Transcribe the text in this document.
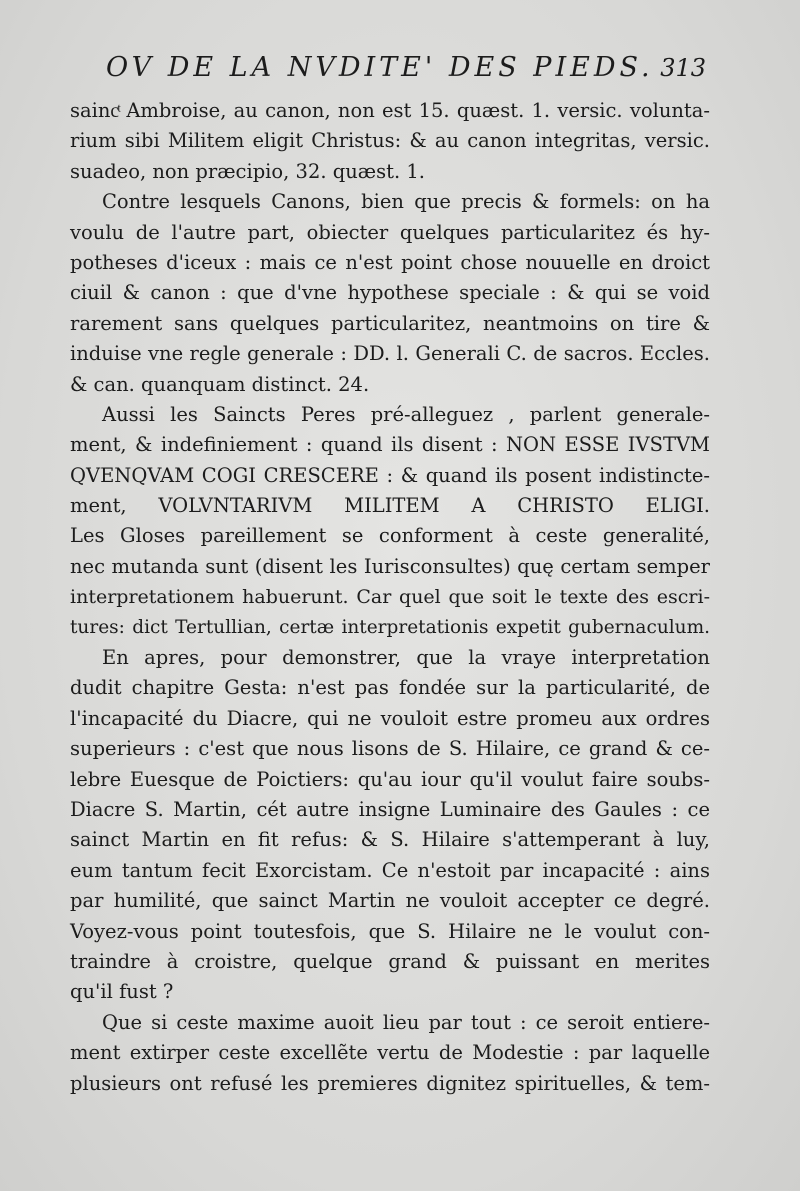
OV DE LA NVDITE' DES PIEDS. 313
saincͭ Ambroise, au canon, non est 15. quæst. 1. versic. volunta-
rium sibi Militem eligit Christus: & au canon integritas, versic.
suadeo, non præcipio, 32. quæst. 1.
Contre lesquels Canons, bien que precis & formels: on ha
voulu de l'autre part, obiecter quelques particularitez és hy-
potheses d'iceux : mais ce n'est point chose nouuelle en droict
ciuil & canon : que d'vne hypothese speciale : & qui se void
rarement sans quelques particularitez, neantmoins on tire &
induise vne regle generale : DD. l. Generali C. de sacros. Eccles.
& can. quanquam distinct. 24.
Aussi les Saincts Peres pré-alleguez , parlent generale-
ment, & indefiniement : quand ils disent : NON ESSE IVSTVM
QVENQVAM COGI CRESCERE : & quand ils posent indistincte-
ment, VOLVNTARIVM MILITEM A CHRISTO ELIGI.
Les Gloses pareillement se conforment à ceste generalité,
nec mutanda sunt (disent les Iurisconsultes) quę certam semper
interpretationem habuerunt. Car quel que soit le texte des escri-
tures: dict Tertullian, certæ interpretationis expetit gubernaculum.
En apres, pour demonstrer, que la vraye interpretation
dudit chapitre Gesta: n'est pas fondée sur la particularité, de
l'incapacité du Diacre, qui ne vouloit estre promeu aux ordres
superieurs : c'est que nous lisons de S. Hilaire, ce grand & ce-
lebre Euesque de Poictiers: qu'au iour qu'il voulut faire soubs-
Diacre S. Martin, cét autre insigne Luminaire des Gaules : ce
sainct Martin en fit refus: & S. Hilaire s'attemperant à luy,
eum tantum fecit Exorcistam. Ce n'estoit par incapacité : ains
par humilité, que sainct Martin ne vouloit accepter ce degré.
Voyez-vous point toutesfois, que S. Hilaire ne le voulut con-
traindre à croistre, quelque grand & puissant en merites
qu'il fust ?
Que si ceste maxime auoit lieu par tout : ce seroit entiere-
ment extirper ceste excellẽte vertu de Modestie : par laquelle
plusieurs ont refusé les premieres dignitez spirituelles, & tem-
